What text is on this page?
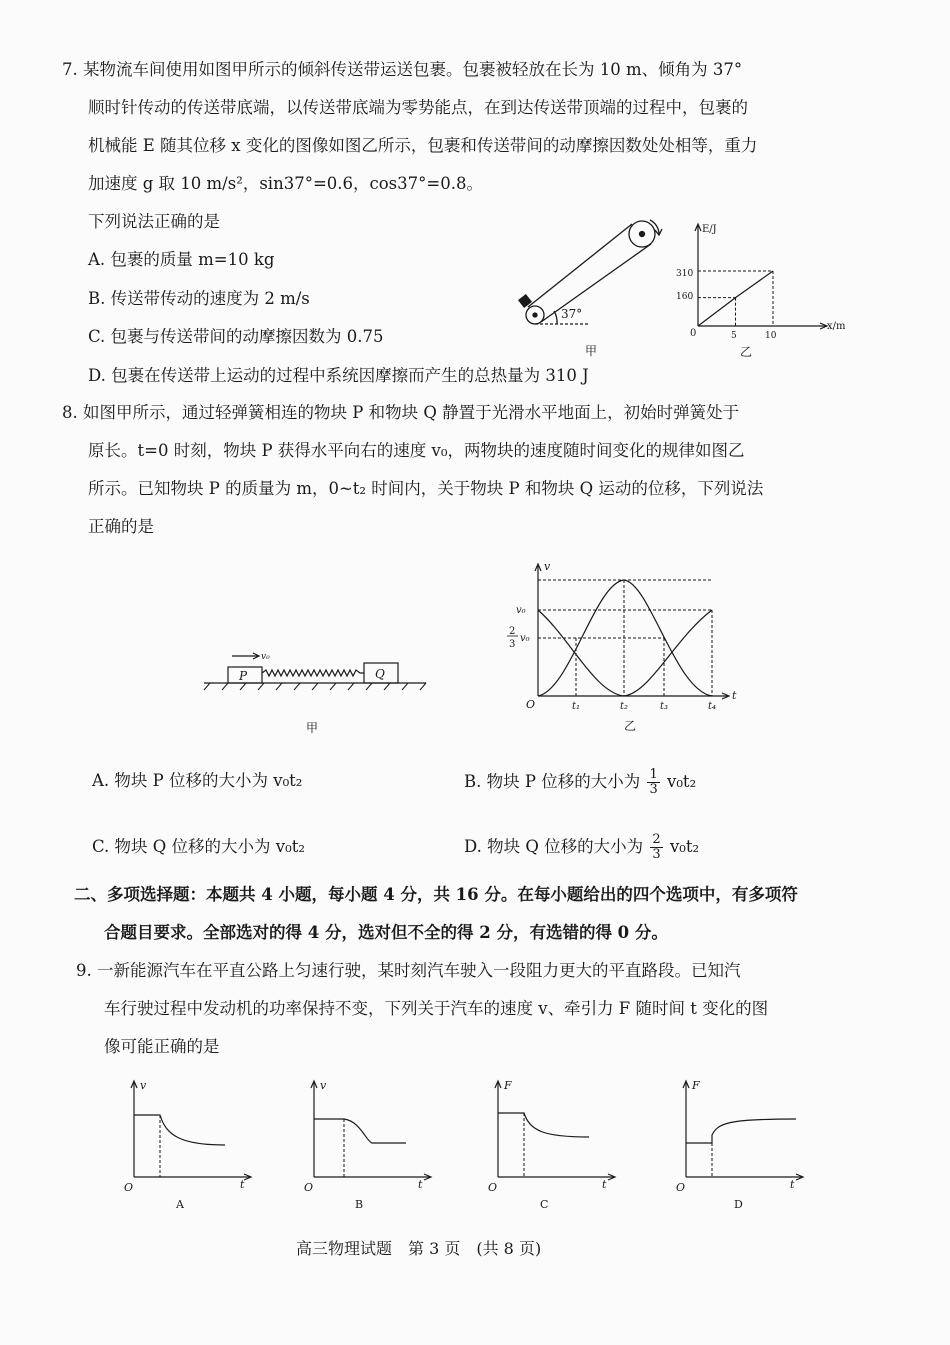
7. 某物流车间使用如图甲所示的倾斜传送带运送包裹。包裹被轻放在长为 10 m、倾角为 37°
顺时针传动的传送带底端，以传送带底端为零势能点，在到达传送带顶端的过程中，包裹的
机械能 E 随其位移 x 变化的图像如图乙所示，包裹和传送带间的动摩擦因数处处相等，重力
加速度 g 取 10 m/s²，sin37°=0.6，cos37°=0.8。
下列说法正确的是
A. 包裹的质量 m=10 kg
B. 传送带传动的速度为 2 m/s
C. 包裹与传送带间的动摩擦因数为 0.75
D. 包裹在传送带上运动的过程中系统因摩擦而产生的总热量为 310 J
37°
甲
E/J
x/m
0
310
160
5	10
乙
8. 如图甲所示，通过轻弹簧相连的物块 P 和物块 Q 静置于光滑水平地面上，初始时弹簧处于
原长。t=0 时刻，物块 P 获得水平向右的速度 v₀，两物块的速度随时间变化的规律如图乙
所示。已知物块 P 的质量为 m，0~t₂ 时间内，关于物块 P 和物块 Q 运动的位移，下列说法
正确的是
P	Q
v₀
甲
v
t
O
v₀
2
3
v₀
t₁	t₂	t₃	t₄
乙
A. 物块 P 位移的大小为 v₀t₂	B. 物块 P 位移的大小为 $\frac{1}{3} v_0t_2$
C. 物块 Q 位移的大小为 v₀t₂	D. 物块 Q 位移的大小为 $\frac{2}{3} v_0t_2$
二、多项选择题：本题共 4 小题，每小题 4 分，共 16 分。在每小题给出的四个选项中，有多项符
合题目要求。全部选对的得 4 分，选对但不全的得 2 分，有选错的得 0 分。
9. 一新能源汽车在平直公路上匀速行驶，某时刻汽车驶入一段阻力更大的平直路段。已知汽
车行驶过程中发动机的功率保持不变，下列关于汽车的速度 v、牵引力 F 随时间 t 变化的图
像可能正确的是
v
t
O
A
v
t
O
B
F
t
O
C
F
t
O
D
高三物理试题　第 3 页　(共 8 页)
